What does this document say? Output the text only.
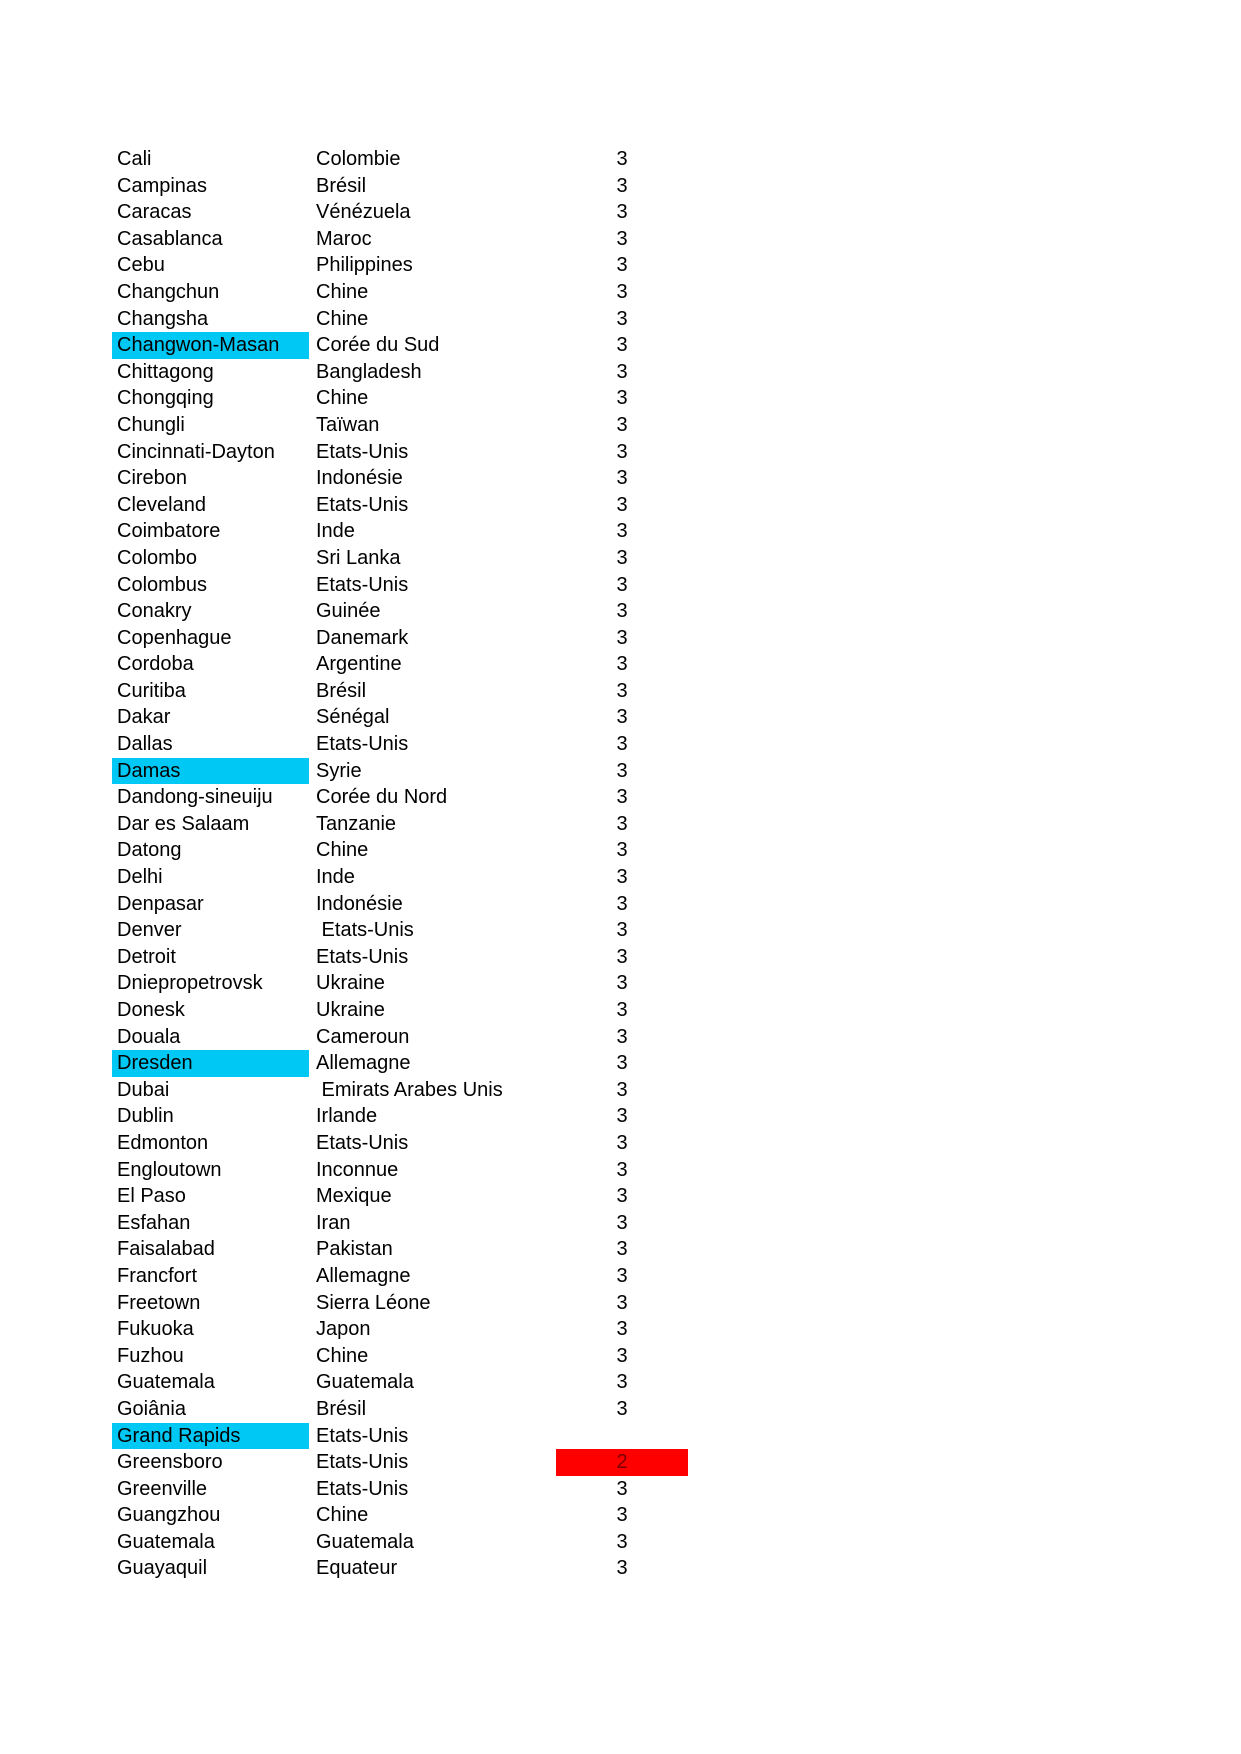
Cali	Colombie	3
Campinas	Brésil	3
Caracas	Vénézuela	3
Casablanca	Maroc	3
Cebu	Philippines	3
Changchun	Chine	3
Changsha	Chine	3
Changwon-Masan	Corée du Sud	3
Chittagong	Bangladesh	3
Chongqing	Chine	3
Chungli	Taïwan	3
Cincinnati-Dayton	Etats-Unis	3
Cirebon	Indonésie	3
Cleveland	Etats-Unis	3
Coimbatore	Inde	3
Colombo	Sri Lanka	3
Colombus	Etats-Unis	3
Conakry	Guinée	3
Copenhague	Danemark	3
Cordoba	Argentine	3
Curitiba	Brésil	3
Dakar	Sénégal	3
Dallas	Etats-Unis	3
Damas	Syrie	3
Dandong-sineuiju	Corée du Nord	3
Dar es Salaam	Tanzanie	3
Datong	Chine	3
Delhi	Inde	3
Denpasar	Indonésie	3
Denver	Etats-Unis	3
Detroit	Etats-Unis	3
Dniepropetrovsk	Ukraine	3
Donesk	Ukraine	3
Douala	Cameroun	3
Dresden	Allemagne	3
Dubai	Emirats Arabes Unis	3
Dublin	Irlande	3
Edmonton	Etats-Unis	3
Engloutown	Inconnue	3
El Paso	Mexique	3
Esfahan	Iran	3
Faisalabad	Pakistan	3
Francfort	Allemagne	3
Freetown	Sierra Léone	3
Fukuoka	Japon	3
Fuzhou	Chine	3
Guatemala	Guatemala	3
Goiânia	Brésil	3
Grand Rapids	Etats-Unis
Greensboro	Etats-Unis	2
Greenville	Etats-Unis	3
Guangzhou	Chine	3
Guatemala	Guatemala	3
Guayaquil	Equateur	3
